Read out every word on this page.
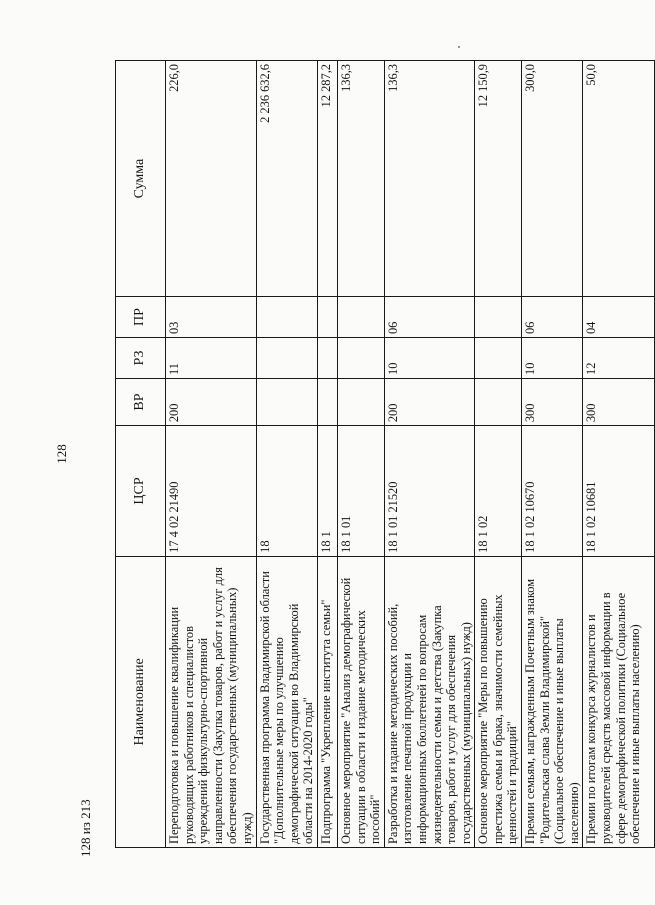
128
Наименование	ЦСР	ВР	РЗ	ПР	Сумма
Переподготовка и повышение квалификации руководящих работников и специалистов учреждений физкультурно-спортивной направленности (Закупка товаров, работ и услуг для обеспечения государственных (муниципальных) нужд)	17 4 02 21490	200	11	03	226,0
Государственная программа Владимирской области "Дополнительные меры по улучшению демографической ситуации во Владимирской области на 2014-2020 годы"	18				2 236 632,6
Подпрограмма "Укрепление института семьи"	18 1				12 287,2
Основное мероприятие "Анализ демографической ситуации в области и издание методических пособий"	18 1 01				136,3
Разработка и издание методических пособий, изготовление печатной продукции и информационных бюллетеней по вопросам жизнедеятельности семьи и детства (Закупка товаров, работ и услуг для обеспечения государственных (муниципальных) нужд)	18 1 01 21520	200	10	06	136,3
Основное мероприятие "Меры по повышению престижа семьи и брака, значимости семейных ценностей и традиций"	18 1 02				12 150,9
Премии семьям, награжденным Почетным знаком "Родительская слава Земли Владимирской" (Социальное обеспечение и иные выплаты населению)	18 1 02 10670	300	10	06	300,0
Премии по итогам конкурса журналистов и руководителей средств массовой информации в сфере демографической политики (Социальное обеспечение и иные выплаты населению)	18 1 02 10681	300	12	04	50,0
128 из 213
